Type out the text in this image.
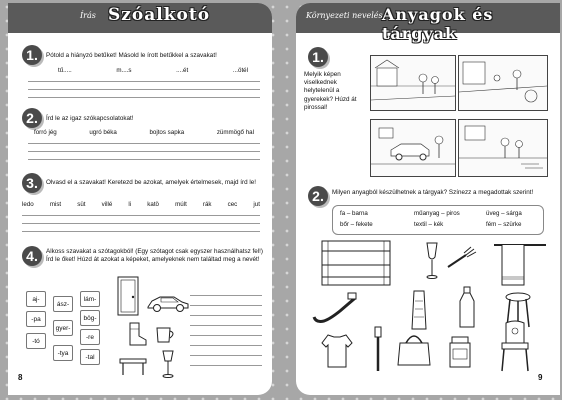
Írás Szóalkotó
1.	Pótold a hiányzó betűket! Másold le írott betűkkel a szavakat!
tű.....	m....s	....ét	...ötél
2.	Írd le az igaz szókapcsolatokat!
forró jég	ugró béka	bojtos sapka	zümmögő hal
3.	Olvasd el a szavakat! Keretezd be azokat, amelyek értelmesek, majd írd le!
ledo	mist	süt	villé	li	katö	múlt	rák	cec	jut
4.	Alkoss szavakat a szótagokból! (Egy szótagot csak egyszer használhatsz fel!) Írd le őket! Húzd át azokat a képeket, amelyeknek nem találtad meg a nevét!
aj-
ász-
lám-
-pa	bög-
gyer-
-re
-tó
-tya
-tal
8
Környezeti nevelés Anyagok és tárgyak
1.
Melyik képen viselkednek helytelenül a gyerekek? Húzd át pirossal!
2.	Milyen anyagból készülhetnek a tárgyak? Színezz a megadottak szerint!
fa – barna	műanyag – piros	üveg – sárga
bőr – fekete	textil – kék	fém – szürke
9
